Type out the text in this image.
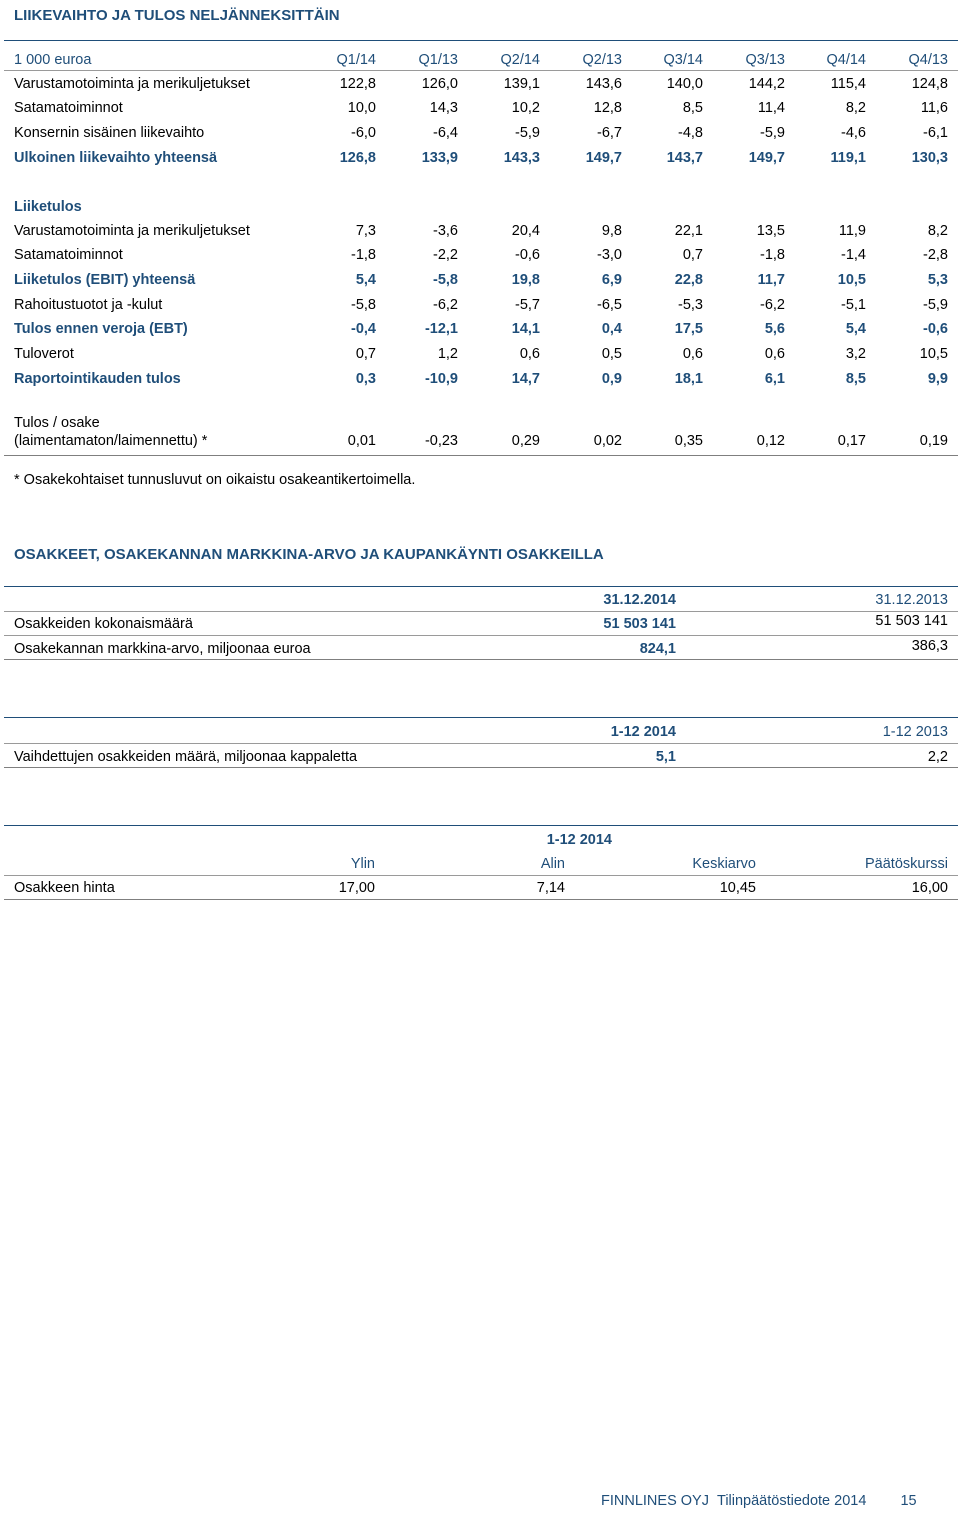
LIIKEVAIHTO JA TULOS NELJÄNNEKSITTÄIN
1 000 euroa	Q1/14	Q1/13	Q2/14	Q2/13	Q3/14	Q3/13	Q4/14	Q4/13
Varustamotoiminta ja merikuljetukset	122,8	126,0	139,1	143,6	140,0	144,2	115,4	124,8
Satamatoiminnot	10,0	14,3	10,2	12,8	8,5	11,4	8,2	11,6
Konsernin sisäinen liikevaihto	-6,0	-6,4	-5,9	-6,7	-4,8	-5,9	-4,6	-6,1
Ulkoinen liikevaihto yhteensä	126,8	133,9	143,3	149,7	143,7	149,7	119,1	130,3
Liiketulos
Varustamotoiminta ja merikuljetukset	7,3	-3,6	20,4	9,8	22,1	13,5	11,9	8,2
Satamatoiminnot	-1,8	-2,2	-0,6	-3,0	0,7	-1,8	-1,4	-2,8
Liiketulos (EBIT) yhteensä	5,4	-5,8	19,8	6,9	22,8	11,7	10,5	5,3
Rahoitustuotot ja -kulut	-5,8	-6,2	-5,7	-6,5	-5,3	-6,2	-5,1	-5,9
Tulos ennen veroja (EBT)	-0,4	-12,1	14,1	0,4	17,5	5,6	5,4	-0,6
Tuloverot	0,7	1,2	0,6	0,5	0,6	0,6	3,2	10,5
Raportointikauden tulos	0,3	-10,9	14,7	0,9	18,1	6,1	8,5	9,9
Tulos / osake
(laimentamaton/laimennettu) *	0,01	-0,23	0,29	0,02	0,35	0,12	0,17	0,19
* Osakekohtaiset tunnusluvut on oikaistu osakeantikertoimella.
OSAKKEET, OSAKEKANNAN MARKKINA-ARVO JA KAUPANKÄYNTI OSAKKEILLA
31.12.2014	31.12.2013
Osakkeiden kokonaismäärä	51 503 141	51 503 141
Osakekannan markkina-arvo, miljoonaa euroa	824,1	386,3
1-12 2014	1-12 2013
Vaihdettujen osakkeiden määrä, miljoonaa kappaletta	5,1	2,2
1-12 2014
Ylin	Alin	Keskiarvo	Päätöskurssi
Osakkeen hinta	17,00	7,14	10,45	16,00
FINNLINES OYJ Tilinpäätöstiedote 2014 15
